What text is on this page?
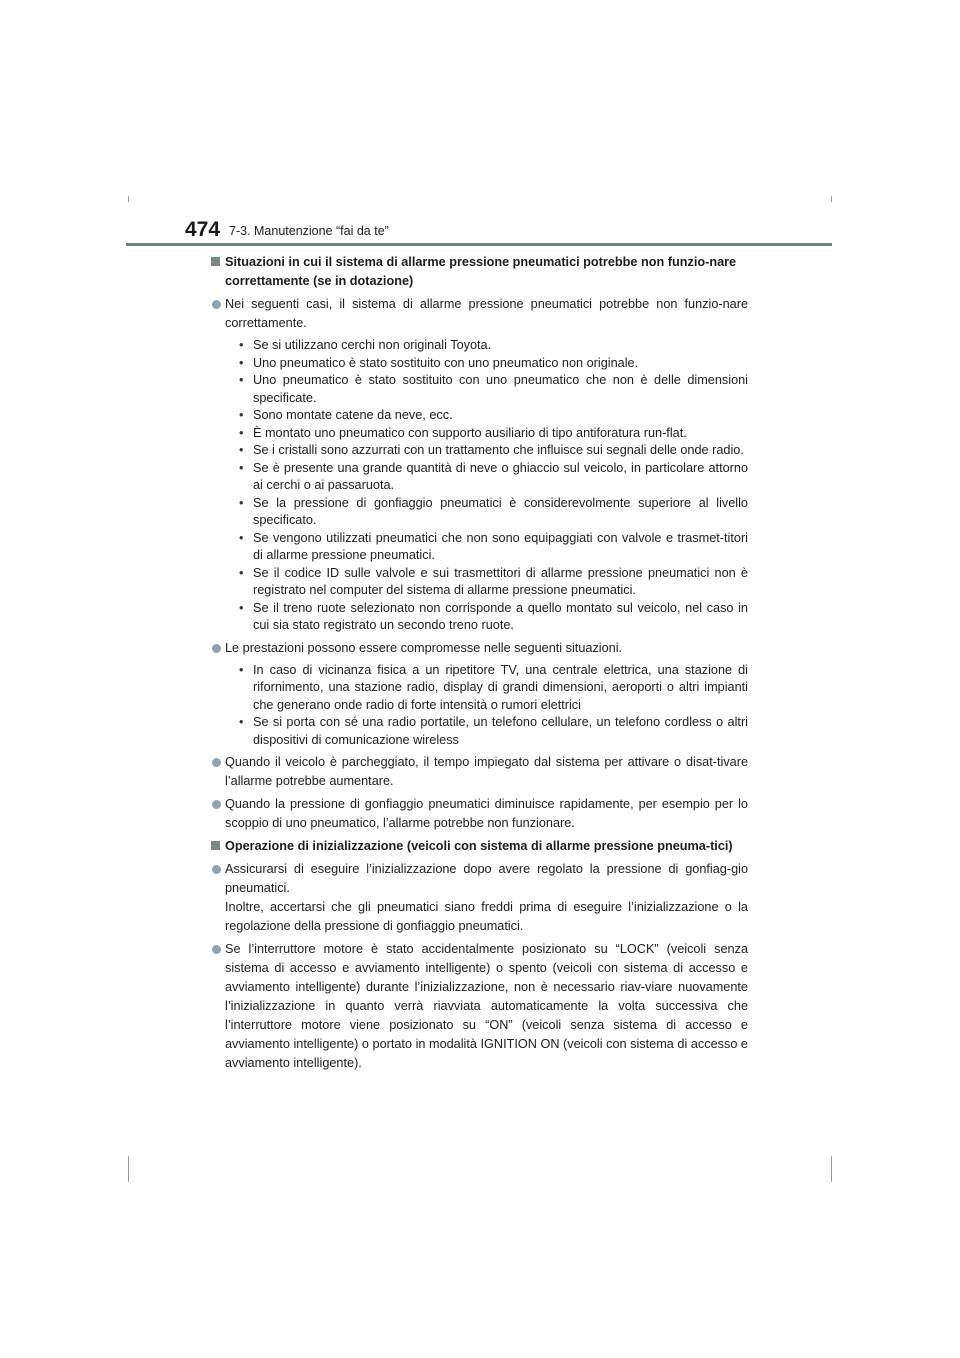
474 7-3. Manutenzione “fai da te”
Situazioni in cui il sistema di allarme pressione pneumatici potrebbe non funzio-nare correttamente (se in dotazione)
Nei seguenti casi, il sistema di allarme pressione pneumatici potrebbe non funzio-nare correttamente.
• Se si utilizzano cerchi non originali Toyota.
• Uno pneumatico è stato sostituito con uno pneumatico non originale.
• Uno pneumatico è stato sostituito con uno pneumatico che non è delle dimensioni specificate.
• Sono montate catene da neve, ecc.
• È montato uno pneumatico con supporto ausiliario di tipo antiforatura run-flat.
• Se i cristalli sono azzurrati con un trattamento che influisce sui segnali delle onde radio.
• Se è presente una grande quantità di neve o ghiaccio sul veicolo, in particolare attorno ai cerchi o ai passaruota.
• Se la pressione di gonfiaggio pneumatici è considerevolmente superiore al livello specificato.
• Se vengono utilizzati pneumatici che non sono equipaggiati con valvole e trasmet-titori di allarme pressione pneumatici.
• Se il codice ID sulle valvole e sui trasmettitori di allarme pressione pneumatici non è registrato nel computer del sistema di allarme pressione pneumatici.
• Se il treno ruote selezionato non corrisponde a quello montato sul veicolo, nel caso in cui sia stato registrato un secondo treno ruote.
Le prestazioni possono essere compromesse nelle seguenti situazioni.
• In caso di vicinanza fisica a un ripetitore TV, una centrale elettrica, una stazione di rifornimento, una stazione radio, display di grandi dimensioni, aeroporti o altri impianti che generano onde radio di forte intensità o rumori elettrici
• Se si porta con sé una radio portatile, un telefono cellulare, un telefono cordless o altri dispositivi di comunicazione wireless
Quando il veicolo è parcheggiato, il tempo impiegato dal sistema per attivare o disat-tivare l’allarme potrebbe aumentare.
Quando la pressione di gonfiaggio pneumatici diminuisce rapidamente, per esempio per lo scoppio di uno pneumatico, l’allarme potrebbe non funzionare.
Operazione di inizializzazione (veicoli con sistema di allarme pressione pneuma-tici)
Assicurarsi di eseguire l’inizializzazione dopo avere regolato la pressione di gonfiag-gio pneumatici.
Inoltre, accertarsi che gli pneumatici siano freddi prima di eseguire l’inizializzazione o la regolazione della pressione di gonfiaggio pneumatici.
Se l’interruttore motore è stato accidentalmente posizionato su “LOCK” (veicoli senza sistema di accesso e avviamento intelligente) o spento (veicoli con sistema di accesso e avviamento intelligente) durante l’inizializzazione, non è necessario riav-viare nuovamente l’inizializzazione in quanto verrà riavviata automaticamente la volta successiva che l’interruttore motore viene posizionato su “ON” (veicoli senza sistema di accesso e avviamento intelligente) o portato in modalità IGNITION ON (veicoli con sistema di accesso e avviamento intelligente).
